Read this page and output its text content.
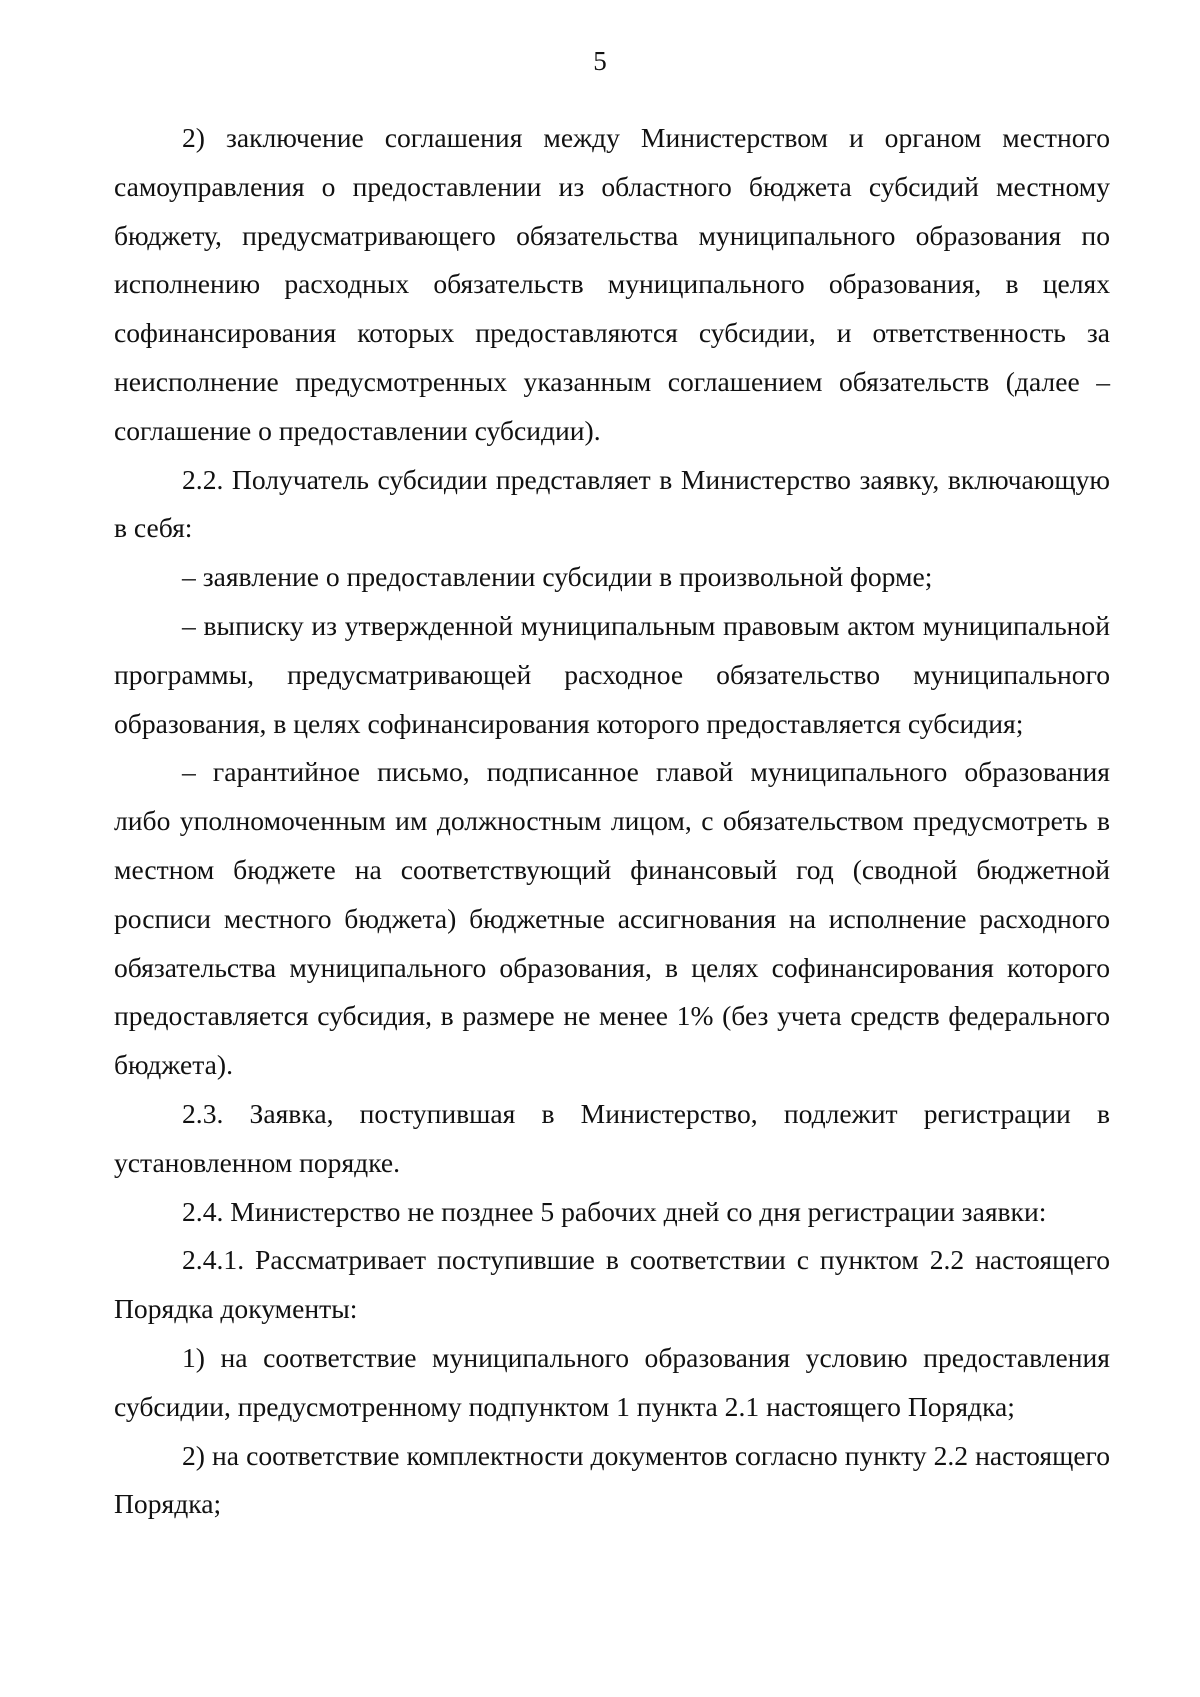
5

2) заключение соглашения между Министерством и органом местного самоуправления о предоставлении из областного бюджета субсидий местному бюджету, предусматривающего обязательства муниципального образования по исполнению расходных обязательств муниципального образования, в целях софинансирования которых предоставляются субсидии, и ответственность за неисполнение предусмотренных указанным соглашением обязательств (далее – соглашение о предоставлении субсидии).

2.2. Получатель субсидии представляет в Министерство заявку, включающую в себя:

– заявление о предоставлении субсидии в произвольной форме;

– выписку из утвержденной муниципальным правовым актом муниципальной программы, предусматривающей расходное обязательство муниципального образования, в целях софинансирования которого предоставляется субсидия;

– гарантийное письмо, подписанное главой муниципального образования либо уполномоченным им должностным лицом, с обязательством предусмотреть в местном бюджете на соответствующий финансовый год (сводной бюджетной росписи местного бюджета) бюджетные ассигнования на исполнение расходного обязательства муниципального образования, в целях софинансирования которого предоставляется субсидия, в размере не менее 1% (без учета средств федерального бюджета).

2.3. Заявка, поступившая в Министерство, подлежит регистрации в установленном порядке.

2.4. Министерство не позднее 5 рабочих дней со дня регистрации заявки:

2.4.1. Рассматривает поступившие в соответствии с пунктом 2.2 настоящего Порядка документы:

1) на соответствие муниципального образования условию предоставления субсидии, предусмотренному подпунктом 1 пункта 2.1 настоящего Порядка;

2) на соответствие комплектности документов согласно пункту 2.2 настоящего Порядка;
